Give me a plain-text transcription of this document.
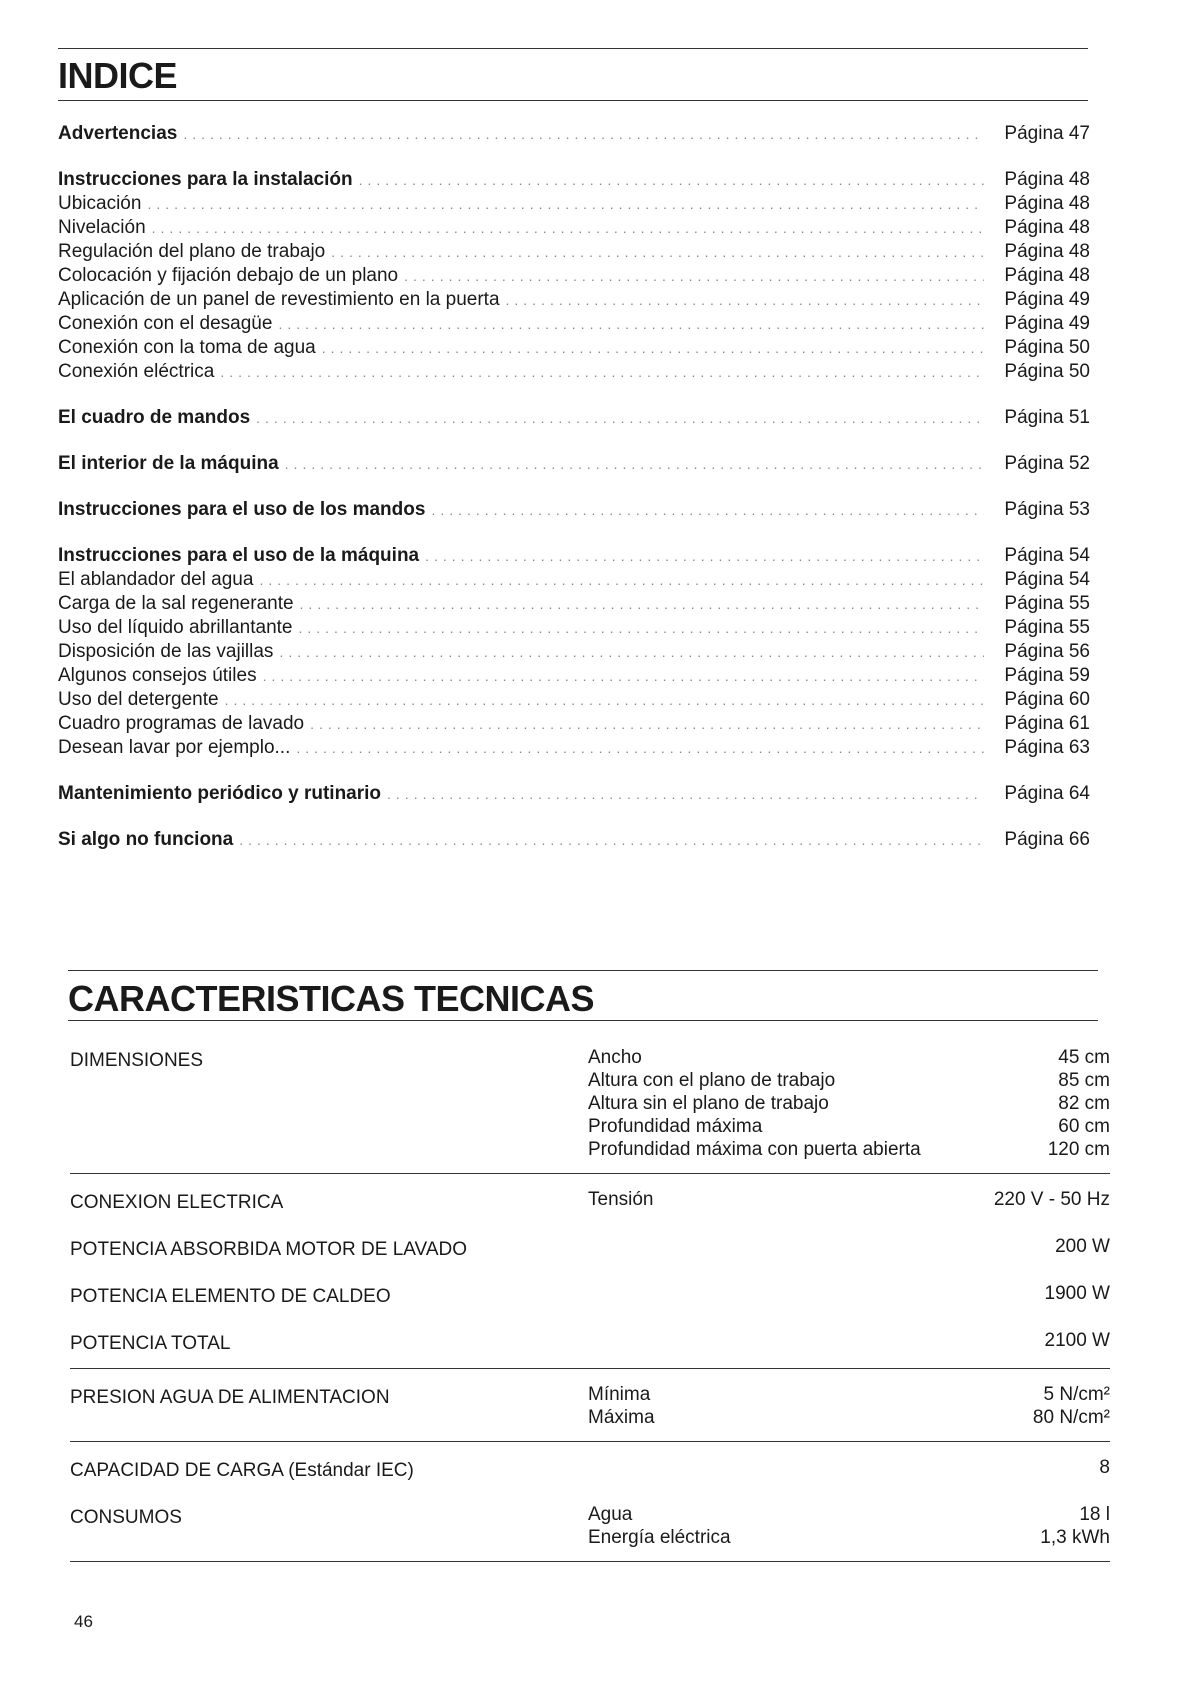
INDICE
Advertencias .....	Página 47
Instrucciones para la instalación .....	Página 48
Ubicación .....	Página 48
Nivelación .....	Página 48
Regulación del plano de trabajo .....	Página 48
Colocación y fijación debajo de un plano .....	Página 48
Aplicación de un panel de revestimiento en la puerta .....	Página 49
Conexión con el desagüe .....	Página 49
Conexión con la toma de agua .....	Página 50
Conexión eléctrica .....	Página 50
El cuadro de mandos .....	Página 51
El interior de la máquina .....	Página 52
Instrucciones para el uso de los mandos .....	Página 53
Instrucciones para el uso de la máquina .....	Página 54
El ablandador del agua .....	Página 54
Carga de la sal regenerante .....	Página 55
Uso del líquido abrillantante .....	Página 55
Disposición de las vajillas .....	Página 56
Algunos consejos útiles .....	Página 59
Uso del detergente .....	Página 60
Cuadro programas de lavado .....	Página 61
Desean lavar por ejemplo... .....	Página 63
Mantenimiento periódico y rutinario .....	Página 64
Si algo no funciona .....	Página 66
CARACTERISTICAS TECNICAS
DIMENSIONES	Ancho	45 cm
Altura con el plano de trabajo	85 cm
Altura sin el plano de trabajo	82 cm
Profundidad máxima	60 cm
Profundidad máxima con puerta abierta	120 cm
CONEXION ELECTRICA	Tensión	220 V - 50 Hz
POTENCIA ABSORBIDA MOTOR DE LAVADO	200 W
POTENCIA ELEMENTO DE CALDEO	1900 W
POTENCIA TOTAL	2100 W
PRESION AGUA DE ALIMENTACION	Mínima	5 N/cm²
Máxima	80 N/cm²
CAPACIDAD DE CARGA (Estándar IEC)	8
CONSUMOS	Agua	18 l
Energía eléctrica	1,3 kWh
46
